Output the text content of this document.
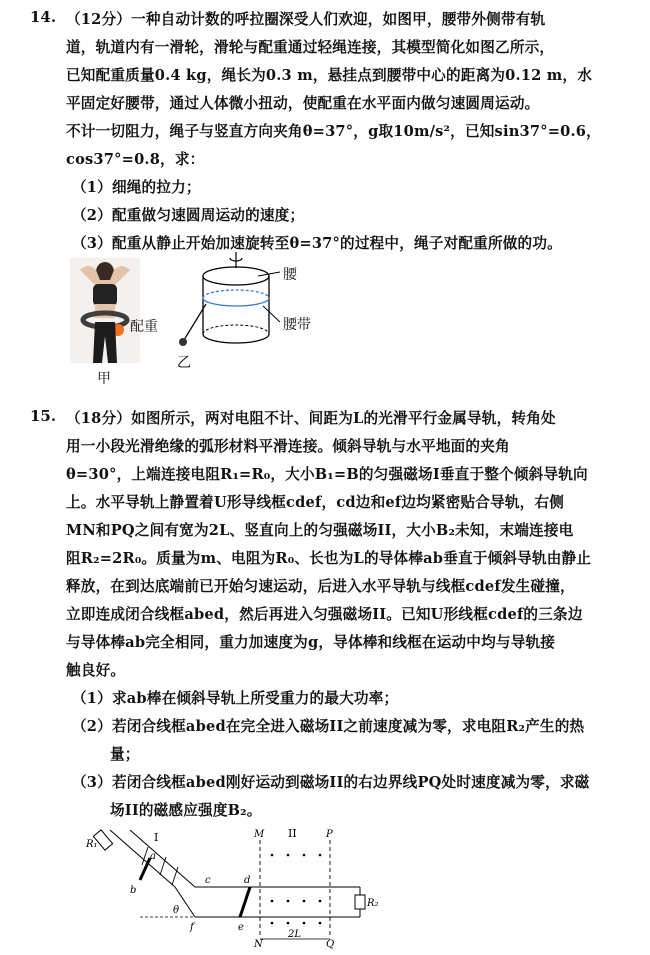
14. （12分）一种自动计数的呼拉圈深受人们欢迎，如图甲，腰带外侧带有轨
道，轨道内有一滑轮，滑轮与配重通过轻绳连接，其模型简化如图乙所示，
已知配重质量0.4 kg，绳长为0.3 m，悬挂点到腰带中心的距离为0.12 m，水
平固定好腰带，通过人体微小扭动，使配重在水平面内做匀速圆周运动。
不计一切阻力，绳子与竖直方向夹角θ=37°，g取10m/s²，已知sin37°=0.6，
cos37°=0.8，求：
（1）细绳的拉力；
（2）配重做匀速圆周运动的速度；
（3）配重从静止开始加速旋转至θ=37°的过程中，绳子对配重所做的功。
甲
乙
腰
腰带
配重
15. （18分）如图所示，两对电阻不计、间距为L的光滑平行金属导轨，转角处
用一小段光滑绝缘的弧形材料平滑连接。倾斜导轨与水平地面的夹角
θ=30°，上端连接电阻R₁=R₀，大小B₁=B的匀强磁场Ⅰ垂直于整个倾斜导轨向
上。水平导轨上静置着U形导线框cdef，cd边和ef边均紧密贴合导轨，右侧
MN和PQ之间有宽为2L、竖直向上的匀强磁场II，大小B₂未知，末端连接电
阻R₂=2R₀。质量为m、电阻为R₀、长也为L的导体棒ab垂直于倾斜导轨由静止
释放，在到达底端前已开始匀速运动，后进入水平导轨与线框cdef发生碰撞，
立即连成闭合线框abed，然后再进入匀强磁场II。已知U形线框cdef的三条边
与导体棒ab完全相同，重力加速度为g，导体棒和线框在运动中均与导轨接
触良好。
（1）求ab棒在倾斜导轨上所受重力的最大功率；
（2）若闭合线框abed在完全进入磁场II之前速度减为零，求电阻R₂产生的热
量；
（3）若闭合线框abed刚好运动到磁场II的右边界线PQ处时速度减为零，求磁
场II的磁感应强度B₂。
R₁
I
a
b
θ
c	d
e
f
M	P
N	Q
II
2L
R₂
